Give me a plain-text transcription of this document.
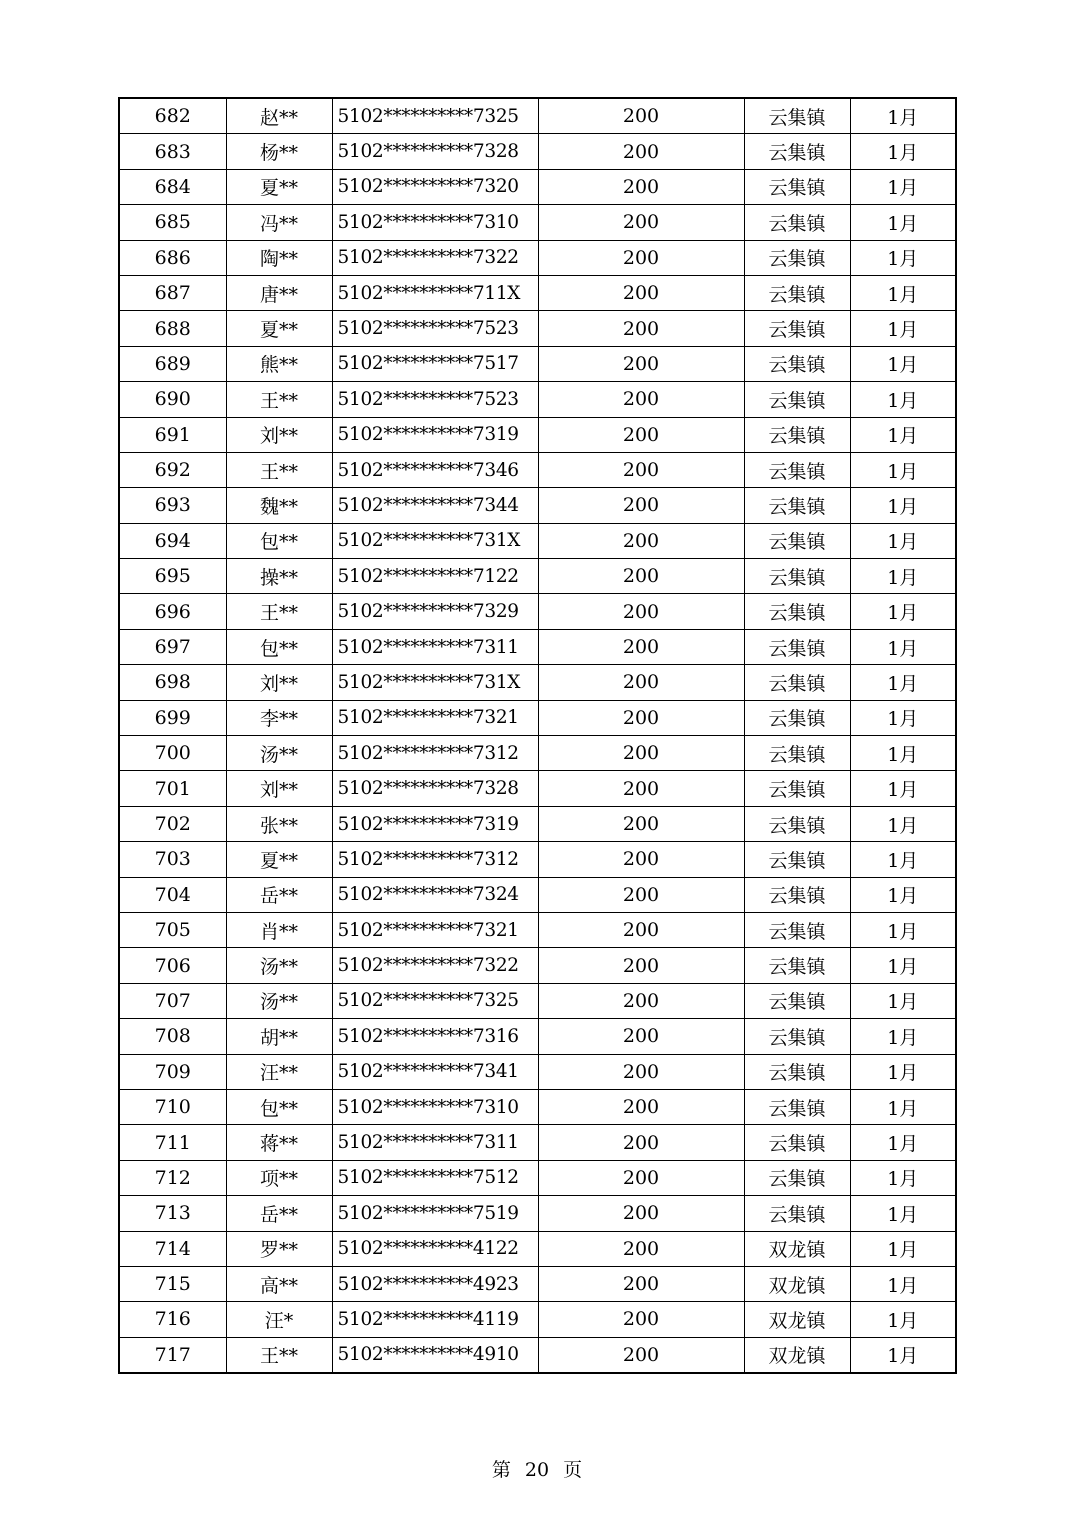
682	赵**	5102**********7325	200	云集镇	1月
683	杨**	5102**********7328	200	云集镇	1月
684	夏**	5102**********7320	200	云集镇	1月
685	冯**	5102**********7310	200	云集镇	1月
686	陶**	5102**********7322	200	云集镇	1月
687	唐**	5102**********711X	200	云集镇	1月
688	夏**	5102**********7523	200	云集镇	1月
689	熊**	5102**********7517	200	云集镇	1月
690	王**	5102**********7523	200	云集镇	1月
691	刘**	5102**********7319	200	云集镇	1月
692	王**	5102**********7346	200	云集镇	1月
693	魏**	5102**********7344	200	云集镇	1月
694	包**	5102**********731X	200	云集镇	1月
695	操**	5102**********7122	200	云集镇	1月
696	王**	5102**********7329	200	云集镇	1月
697	包**	5102**********7311	200	云集镇	1月
698	刘**	5102**********731X	200	云集镇	1月
699	李**	5102**********7321	200	云集镇	1月
700	汤**	5102**********7312	200	云集镇	1月
701	刘**	5102**********7328	200	云集镇	1月
702	张**	5102**********7319	200	云集镇	1月
703	夏**	5102**********7312	200	云集镇	1月
704	岳**	5102**********7324	200	云集镇	1月
705	肖**	5102**********7321	200	云集镇	1月
706	汤**	5102**********7322	200	云集镇	1月
707	汤**	5102**********7325	200	云集镇	1月
708	胡**	5102**********7316	200	云集镇	1月
709	汪**	5102**********7341	200	云集镇	1月
710	包**	5102**********7310	200	云集镇	1月
711	蒋**	5102**********7311	200	云集镇	1月
712	项**	5102**********7512	200	云集镇	1月
713	岳**	5102**********7519	200	云集镇	1月
714	罗**	5102**********4122	200	双龙镇	1月
715	高**	5102**********4923	200	双龙镇	1月
716	汪*	5102**********4119	200	双龙镇	1月
717	王**	5102**********4910	200	双龙镇	1月
第 20 页
